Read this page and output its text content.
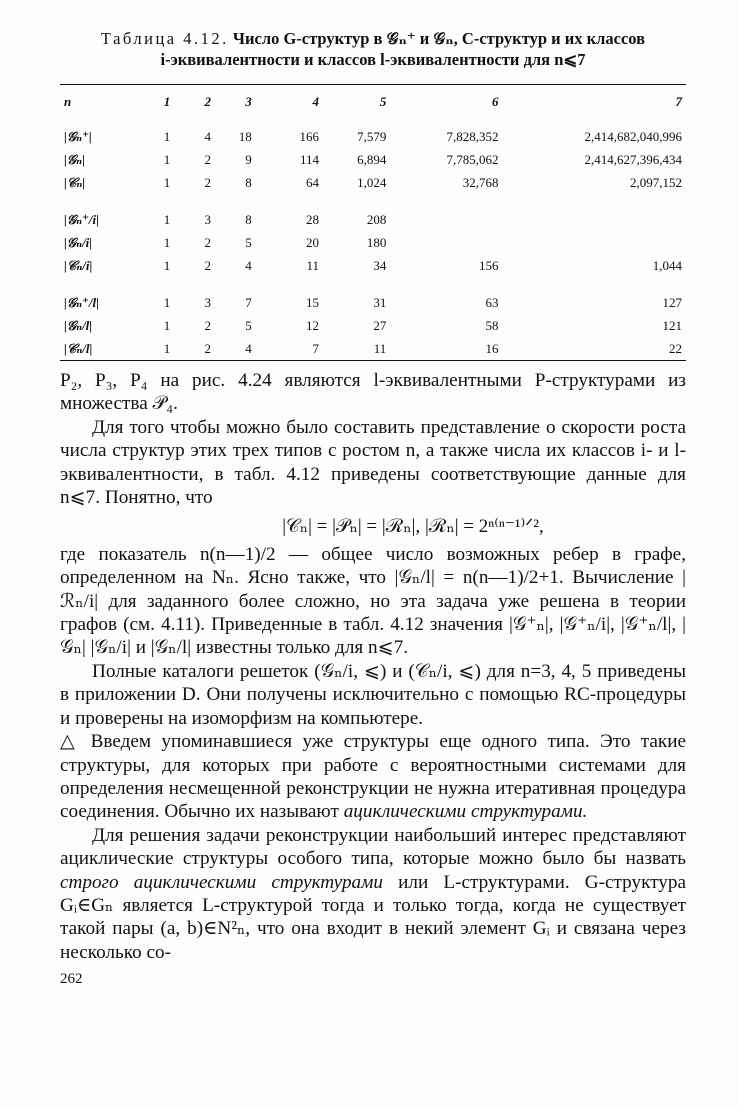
Таблица 4.12. Число G-структур в 𝒢ₙ⁺ и 𝒢ₙ, C-структур и их классов
i-эквивалентности и классов l-эквивалентности для n⩽7
n	1	2	3	4	5	6	7
|𝒢ₙ⁺|	1	4	18	166	7,579	7,828,352	2,414,682,040,996
|𝒢ₙ|	1	2	9	114	6,894	7,785,062	2,414,627,396,434
|𝒞ₙ|	1	2	8	64	1,024	32,768	2,097,152

|𝒢ₙ⁺/i|	1	3	8	28	208		
|𝒢ₙ/i|	1	2	5	20	180		
|𝒞ₙ/i|	1	2	4	11	34	156	1,044

|𝒢ₙ⁺/l|	1	3	7	15	31	63	127
|𝒢ₙ/l|	1	2	5	12	27	58	121
|𝒞ₙ/l|	1	2	4	7	11	16	22

P₂, P₃, P₄ на рис. 4.24 являются l-эквивалентными P-структурами из множества 𝒫₄.

Для того чтобы можно было составить представление о скорости роста числа структур этих трех типов с ростом n, а также числа их классов i- и l-эквивалентности, в табл. 4.12 приведены соответствующие данные для n⩽7. Понятно, что

|𝒞ₙ| = |𝒫ₙ| = |ℛₙ|, |ℛₙ| = 2ⁿ⁽ⁿ⁻¹⁾ᐟ²,

где показатель n(n—1)/2 — общее число возможных ребер в графе, определенном на Nₙ. Ясно также, что |𝒢ₙ/l| = n(n—1)/2+1. Вычисление |ℛₙ/i| для заданного более сложно, но эта задача уже решена в теории графов (см. 4.11). Приведенные в табл. 4.12 значения |𝒢⁺ₙ|, |𝒢⁺ₙ/i|, |𝒢⁺ₙ/l|, |𝒢ₙ| |𝒢ₙ/i| и |𝒢ₙ/l| известны только для n⩽7.

Полные каталоги решеток (𝒢ₙ/i, ⩽) и (𝒞ₙ/i, ⩽) для n=3, 4, 5 приведены в приложении D. Они получены исключительно с помощью RC-процедуры и проверены на изоморфизм на компьютере.

△ Введем упоминавшиеся уже структуры еще одного типа. Это такие структуры, для которых при работе с вероятностными системами для определения несмещенной реконструкции не нужна итеративная процедура соединения. Обычно их называют ациклическими структурами.

Для решения задачи реконструкции наибольший интерес представляют ациклические структуры особого типа, которые можно было бы назвать строго ациклическими структурами или L-структурами. G-структура Gᵢ∈Gₙ является L-структурой тогда и только тогда, когда не существует такой пары (a, b)∈N²ₙ, что она входит в некий элемент Gᵢ и связана через несколько со-

262
